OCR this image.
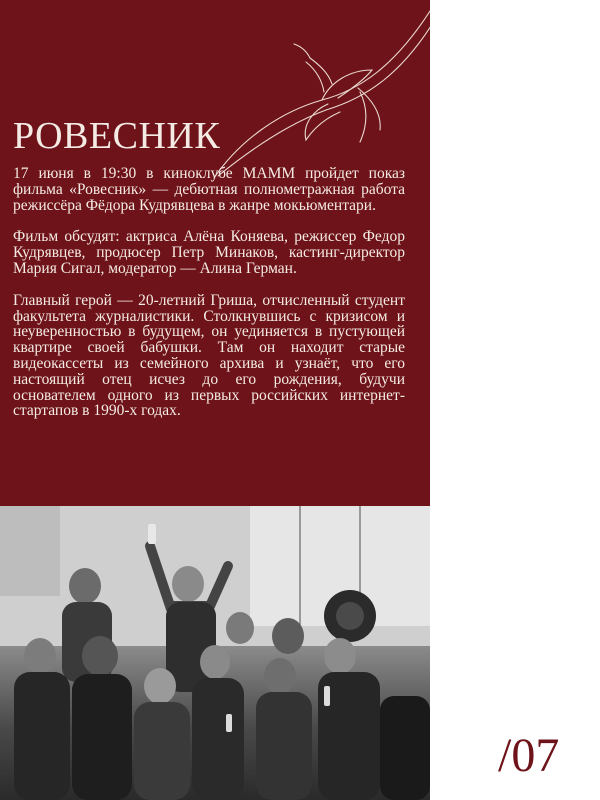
РОВЕСНИК

17 июня в 19:30 в киноклубе МАММ пройдет показ фильма «Ровесник» — дебютная полнометражная работа режиссёра Фёдора Кудрявцева в жанре мокьюментари.

Фильм обсудят: актриса Алёна Коняева, режиссер Федор Кудрявцев, продюсер Петр Минаков, кастинг-директор Мария Сигал, модератор — Алина Герман.

Главный герой — 20-летний Гриша, отчисленный студент факультета журналистики. Столкнувшись с кризисом и неуверенностью в будущем, он уединяется в пустующей квартире своей бабушки. Там он находит старые видеокассеты из семейного архива и узнаёт, что его настоящий отец исчез до его рождения, будучи основателем одного из первых российских интернет-стартапов в 1990-х годах.

/07
